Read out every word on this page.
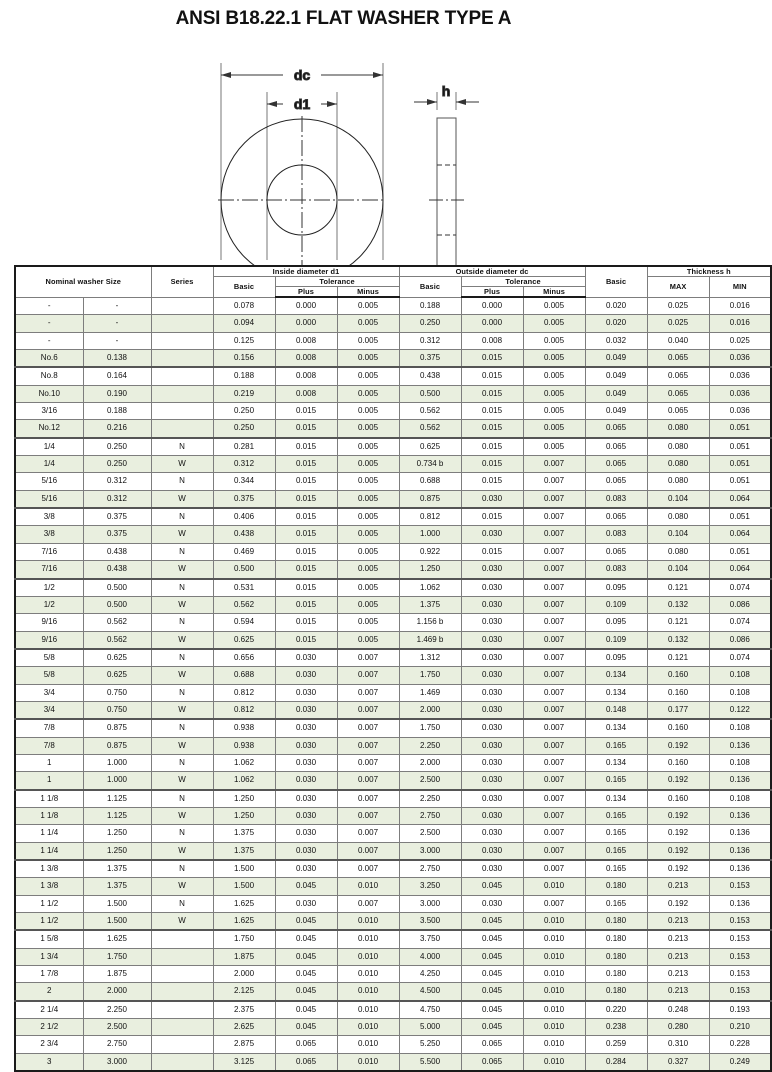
ANSI B18.22.1 FLAT WASHER TYPE A
dc
d1
h
Nominal washer Size		Series	Inside diameter d1			Outside diameter dc			Basic	Thickness h	
			Basic	Tolerance		Basic	Tolerance			MAX	MIN
				Plus	Minus		Plus	Minus			
-	-		0.078	0.000	0.005	0.188	0.000	0.005	0.020	0.025	0.016
-	-		0.094	0.000	0.005	0.250	0.000	0.005	0.020	0.025	0.016
-	-		0.125	0.008	0.005	0.312	0.008	0.005	0.032	0.040	0.025
No.6	0.138		0.156	0.008	0.005	0.375	0.015	0.005	0.049	0.065	0.036
No.8	0.164		0.188	0.008	0.005	0.438	0.015	0.005	0.049	0.065	0.036
No.10	0.190		0.219	0.008	0.005	0.500	0.015	0.005	0.049	0.065	0.036
3/16	0.188		0.250	0.015	0.005	0.562	0.015	0.005	0.049	0.065	0.036
No.12	0.216		0.250	0.015	0.005	0.562	0.015	0.005	0.065	0.080	0.051
1/4	0.250	N	0.281	0.015	0.005	0.625	0.015	0.005	0.065	0.080	0.051
1/4	0.250	W	0.312	0.015	0.005	0.734 b	0.015	0.007	0.065	0.080	0.051
5/16	0.312	N	0.344	0.015	0.005	0.688	0.015	0.007	0.065	0.080	0.051
5/16	0.312	W	0.375	0.015	0.005	0.875	0.030	0.007	0.083	0.104	0.064
3/8	0.375	N	0.406	0.015	0.005	0.812	0.015	0.007	0.065	0.080	0.051
3/8	0.375	W	0.438	0.015	0.005	1.000	0.030	0.007	0.083	0.104	0.064
7/16	0.438	N	0.469	0.015	0.005	0.922	0.015	0.007	0.065	0.080	0.051
7/16	0.438	W	0.500	0.015	0.005	1.250	0.030	0.007	0.083	0.104	0.064
1/2	0.500	N	0.531	0.015	0.005	1.062	0.030	0.007	0.095	0.121	0.074
1/2	0.500	W	0.562	0.015	0.005	1.375	0.030	0.007	0.109	0.132	0.086
9/16	0.562	N	0.594	0.015	0.005	1.156 b	0.030	0.007	0.095	0.121	0.074
9/16	0.562	W	0.625	0.015	0.005	1.469 b	0.030	0.007	0.109	0.132	0.086
5/8	0.625	N	0.656	0.030	0.007	1.312	0.030	0.007	0.095	0.121	0.074
5/8	0.625	W	0.688	0.030	0.007	1.750	0.030	0.007	0.134	0.160	0.108
3/4	0.750	N	0.812	0.030	0.007	1.469	0.030	0.007	0.134	0.160	0.108
3/4	0.750	W	0.812	0.030	0.007	2.000	0.030	0.007	0.148	0.177	0.122
7/8	0.875	N	0.938	0.030	0.007	1.750	0.030	0.007	0.134	0.160	0.108
7/8	0.875	W	0.938	0.030	0.007	2.250	0.030	0.007	0.165	0.192	0.136
1	1.000	N	1.062	0.030	0.007	2.000	0.030	0.007	0.134	0.160	0.108
1	1.000	W	1.062	0.030	0.007	2.500	0.030	0.007	0.165	0.192	0.136
1 1/8	1.125	N	1.250	0.030	0.007	2.250	0.030	0.007	0.134	0.160	0.108
1 1/8	1.125	W	1.250	0.030	0.007	2.750	0.030	0.007	0.165	0.192	0.136
1 1/4	1.250	N	1.375	0.030	0.007	2.500	0.030	0.007	0.165	0.192	0.136
1 1/4	1.250	W	1.375	0.030	0.007	3.000	0.030	0.007	0.165	0.192	0.136
1 3/8	1.375	N	1.500	0.030	0.007	2.750	0.030	0.007	0.165	0.192	0.136
1 3/8	1.375	W	1.500	0.045	0.010	3.250	0.045	0.010	0.180	0.213	0.153
1 1/2	1.500	N	1.625	0.030	0.007	3.000	0.030	0.007	0.165	0.192	0.136
1 1/2	1.500	W	1.625	0.045	0.010	3.500	0.045	0.010	0.180	0.213	0.153
1 5/8	1.625		1.750	0.045	0.010	3.750	0.045	0.010	0.180	0.213	0.153
1 3/4	1.750		1.875	0.045	0.010	4.000	0.045	0.010	0.180	0.213	0.153
1 7/8	1.875		2.000	0.045	0.010	4.250	0.045	0.010	0.180	0.213	0.153
2	2.000		2.125	0.045	0.010	4.500	0.045	0.010	0.180	0.213	0.153
2 1/4	2.250		2.375	0.045	0.010	4.750	0.045	0.010	0.220	0.248	0.193
2 1/2	2.500		2.625	0.045	0.010	5.000	0.045	0.010	0.238	0.280	0.210
2 3/4	2.750		2.875	0.065	0.010	5.250	0.065	0.010	0.259	0.310	0.228
3	3.000		3.125	0.065	0.010	5.500	0.065	0.010	0.284	0.327	0.249
